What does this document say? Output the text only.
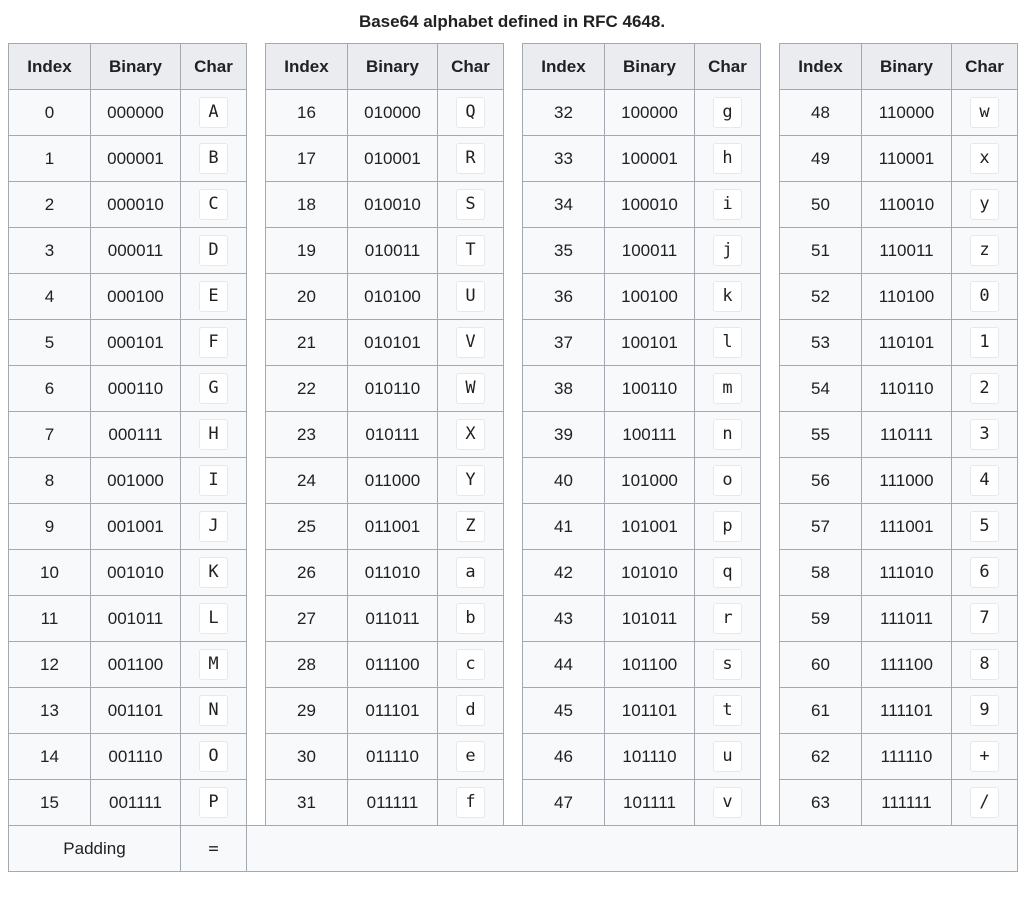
Base64 alphabet defined in RFC 4648.
Index	Binary	Char		Index	Binary	Char		Index	Binary	Char		Index	Binary	Char
0	000000	A		16	010000	Q		32	100000	g		48	110000	w
1	000001	B		17	010001	R		33	100001	h		49	110001	x
2	000010	C		18	010010	S		34	100010	i		50	110010	y
3	000011	D		19	010011	T		35	100011	j		51	110011	z
4	000100	E		20	010100	U		36	100100	k		52	110100	0
5	000101	F		21	010101	V		37	100101	l		53	110101	1
6	000110	G		22	010110	W		38	100110	m		54	110110	2
7	000111	H		23	010111	X		39	100111	n		55	110111	3
8	001000	I		24	011000	Y		40	101000	o		56	111000	4
9	001001	J		25	011001	Z		41	101001	p		57	111001	5
10	001010	K		26	011010	a		42	101010	q		58	111010	6
11	001011	L		27	011011	b		43	101011	r		59	111011	7
12	001100	M		28	011100	c		44	101100	s		60	111100	8
13	001101	N		29	011101	d		45	101101	t		61	111101	9
14	001110	O		30	011110	e		46	101110	u		62	111110	+
15	001111	P		31	011111	f		47	101111	v		63	111111	/
Padding		=												
